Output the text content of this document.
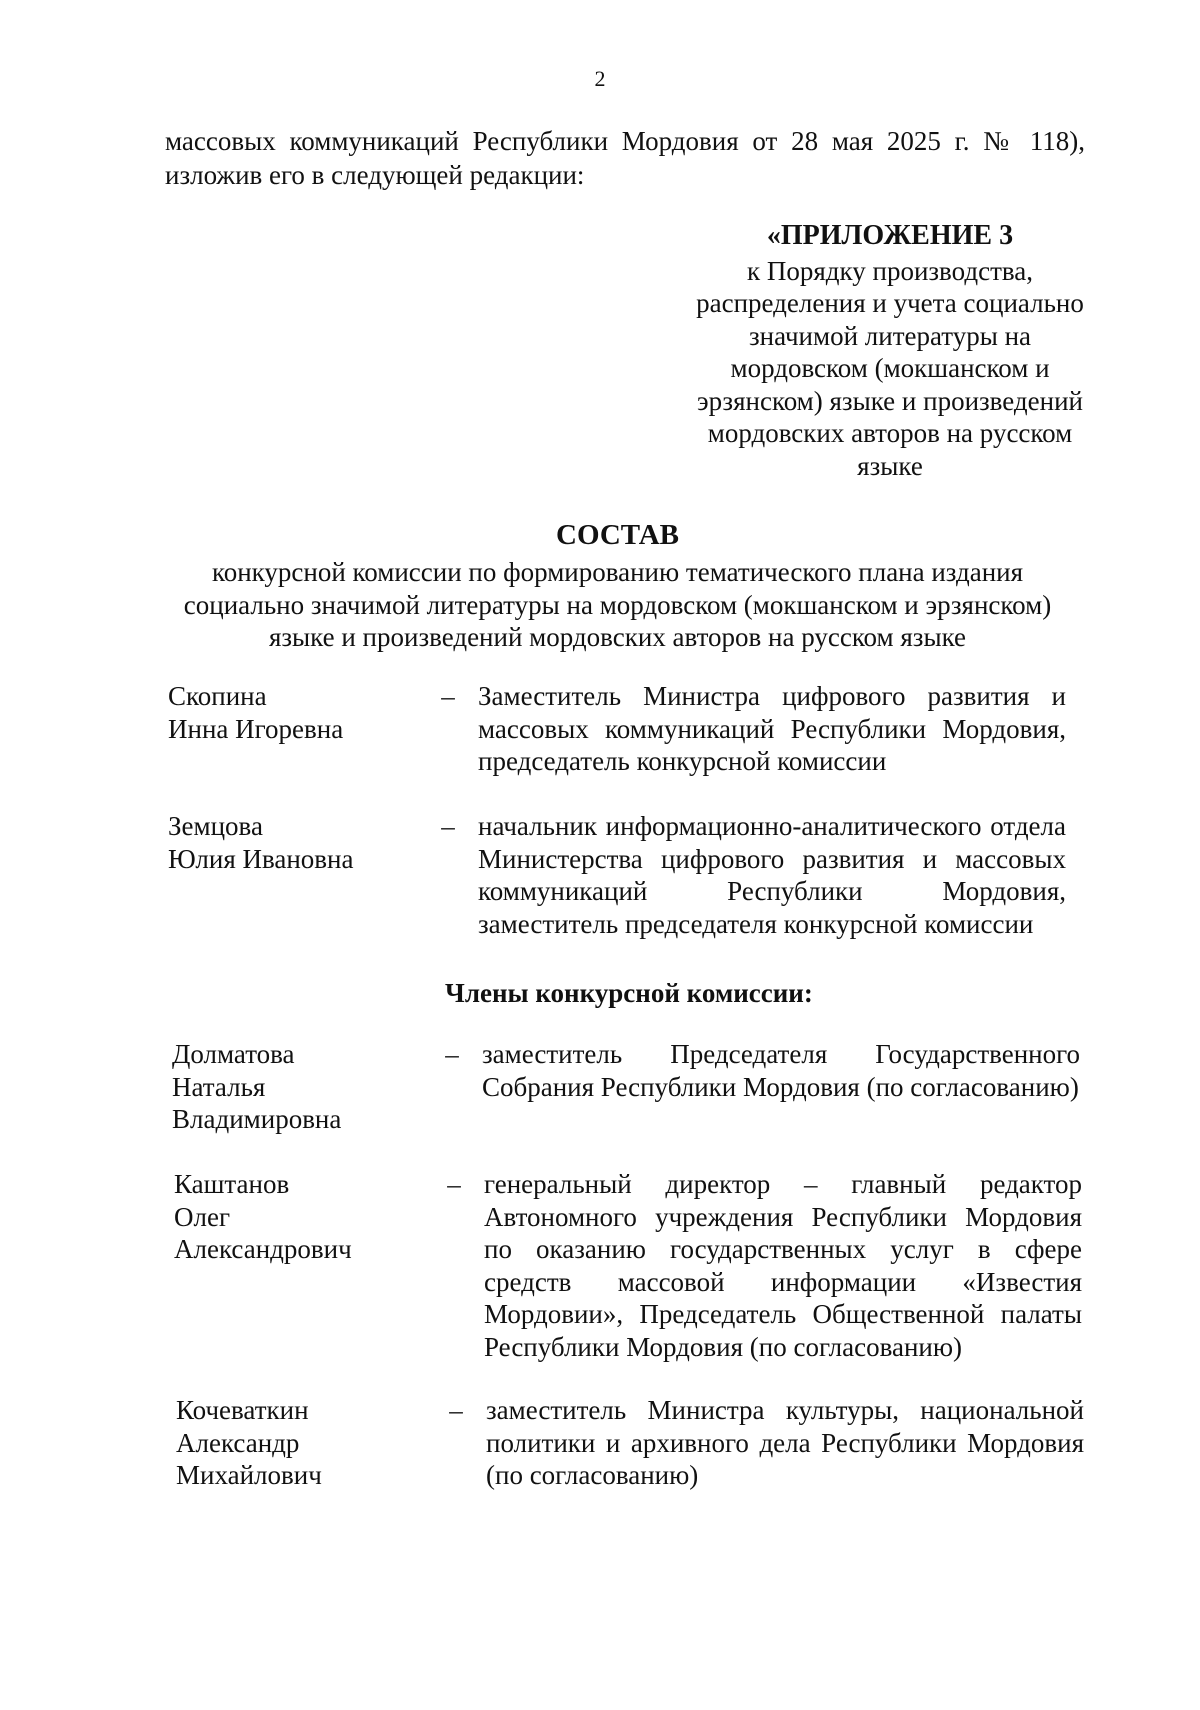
2
массовых коммуникаций Республики Мордовия от 28 мая 2025 г. № 118),
изложив его в следующей редакции:
«ПРИЛОЖЕНИЕ 3
к Порядку производства,
распределения и учета социально
значимой литературы на
мордовском (мокшанском и
эрзянском) языке и произведений
мордовских авторов на русском
языке
СОСТАВ
конкурсной комиссии по формированию тематического плана издания
социально значимой литературы на мордовском (мокшанском и эрзянском)
языке и произведений мордовских авторов на русском языке
Скопина
Инна Игоревна
– Заместитель Министра цифрового развития и массовых коммуникаций Республики Мордовия, председатель конкурсной комиссии
Земцова
Юлия Ивановна
– начальник информационно-аналитического отдела Министерства цифрового развития и массовых коммуникаций Республики Мордовия, заместитель председателя конкурсной комиссии
Члены конкурсной комиссии:
Долматова
Наталья
Владимировна
– заместитель Председателя Государственного Собрания Республики Мордовия (по согласованию)
Каштанов
Олег
Александрович
– генеральный директор – главный редактор Автономного учреждения Республики Мордовия по оказанию государственных услуг в сфере средств массовой информации «Известия Мордовии», Председатель Общественной палаты Республики Мордовия (по согласованию)
Кочеваткин
Александр
Михайлович
– заместитель Министра культуры, национальной политики и архивного дела Республики Мордовия (по согласованию)
